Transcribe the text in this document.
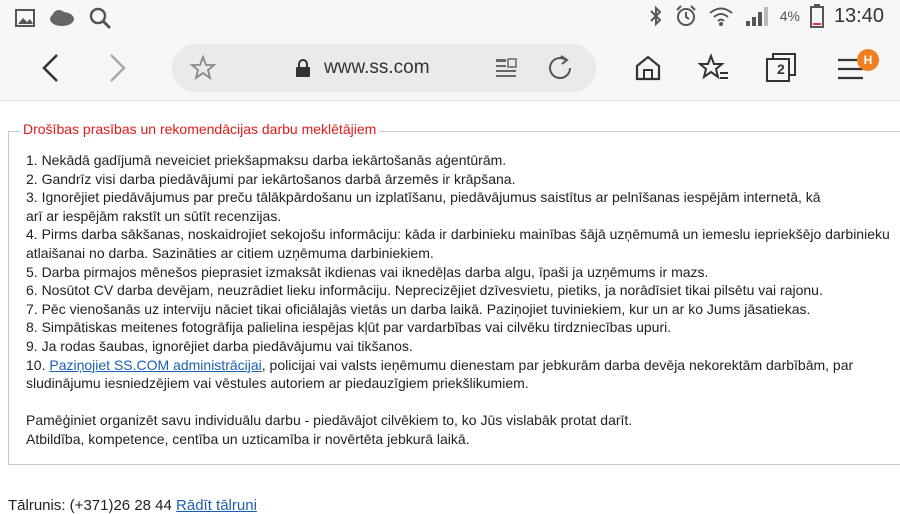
4% 13:40
www.ss.com	2
H
Drošības prasības un rekomendācijas darbu meklētājiem
1. Nekādā gadījumā neveiciet priekšapmaksu darba iekārtošanās aģentūrām.
2. Gandrīz visi darba piedāvājumi par iekārtošanos darbā ārzemēs ir krāpšana.
3. Ignorējiet piedāvājumus par preču tālākpārdošanu un izplatīšanu, piedāvājumus saistītus ar pelnīšanas iespējām internetā, kā
arī ar iespējām rakstīt un sūtīt recenzijas.
4. Pirms darba sākšanas, noskaidrojiet sekojošu informāciju: kāda ir darbinieku mainības šājā uzņēmumā un iemeslu iepriekšējo darbinieku
atlaišanai no darba. Sazināties ar citiem uzņēmuma darbiniekiem.
5. Darba pirmajos mēnešos pieprasiet izmaksāt ikdienas vai iknedēļas darba algu, īpaši ja uzņēmums ir mazs.
6. Nosūtot CV darba devējam, neuzrādiet lieku informāciju. Neprecizējiet dzīvesvietu, pietiks, ja norādīsiet tikai pilsētu vai rajonu.
7. Pēc vienošanās uz interviju nāciet tikai oficiālajās vietās un darba laikā. Paziņojiet tuviniekiem, kur un ar ko Jums jāsatiekas.
8. Simpātiskas meitenes fotogrāfija palielina iespējas kļūt par vardarbības vai cilvēku tirdzniecības upuri.
9. Ja rodas šaubas, ignorējiet darba piedāvājumu vai tikšanos.
10. Paziņojiet SS.COM administrācijai, policijai vai valsts ieņēmumu dienestam par jebkurām darba devēja nekorektām darbībām, par
sludinājumu iesniedzējiem vai vēstules autoriem ar piedauzīgiem priekšlikumiem.

Pamēģiniet organizēt savu individuālu darbu - piedāvājot cilvēkiem to, ko Jūs vislabāk protat darīt.
Atbildība, kompetence, centība un uzticamība ir novērtēta jebkurā laikā.
Tālrunis: (+371)26 28 44 Rādīt tālruni
